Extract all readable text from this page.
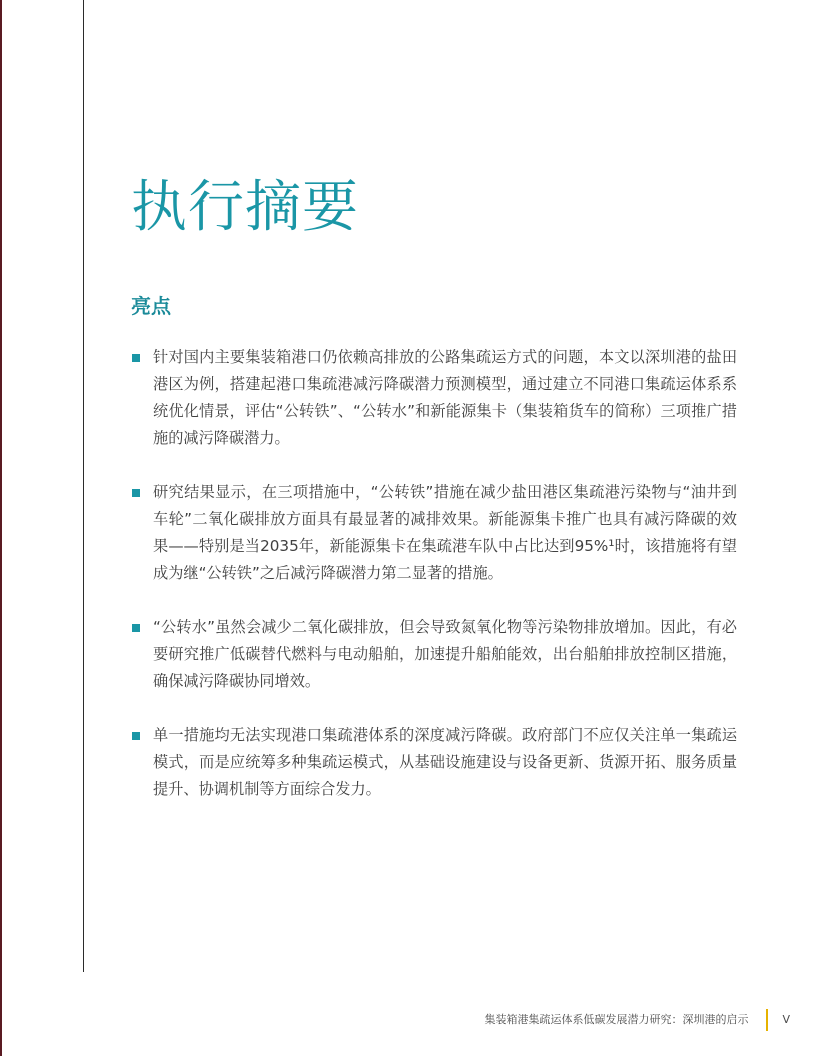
执行摘要
亮点
针对国内主要集装箱港口仍依赖高排放的公路集疏运方式的问题，本文以深圳港的盐田港区为例，搭建起港口集疏港减污降碳潜力预测模型，通过建立不同港口集疏运体系系统优化情景，评估“公转铁”、“公转水”和新能源集卡（集装箱货车的简称）三项推广措施的减污降碳潜力。
研究结果显示，在三项措施中，“公转铁”措施在减少盐田港区集疏港污染物与“油井到车轮”二氧化碳排放方面具有最显著的减排效果。新能源集卡推广也具有减污降碳的效果——特别是当2035年，新能源集卡在集疏港车队中占比达到95%¹时，该措施将有望成为继“公转铁”之后减污降碳潜力第二显著的措施。
“公转水”虽然会减少二氧化碳排放，但会导致氮氧化物等污染物排放增加。因此，有必要研究推广低碳替代燃料与电动船舶，加速提升船舶能效，出台船舶排放控制区措施，确保减污降碳协同增效。
单一措施均无法实现港口集疏港体系的深度减污降碳。政府部门不应仅关注单一集疏运模式，而是应统筹多种集疏运模式，从基础设施建设与设备更新、货源开拓、服务质量提升、协调机制等方面综合发力。
集装箱港集疏运体系低碳发展潜力研究：深圳港的启示	V
